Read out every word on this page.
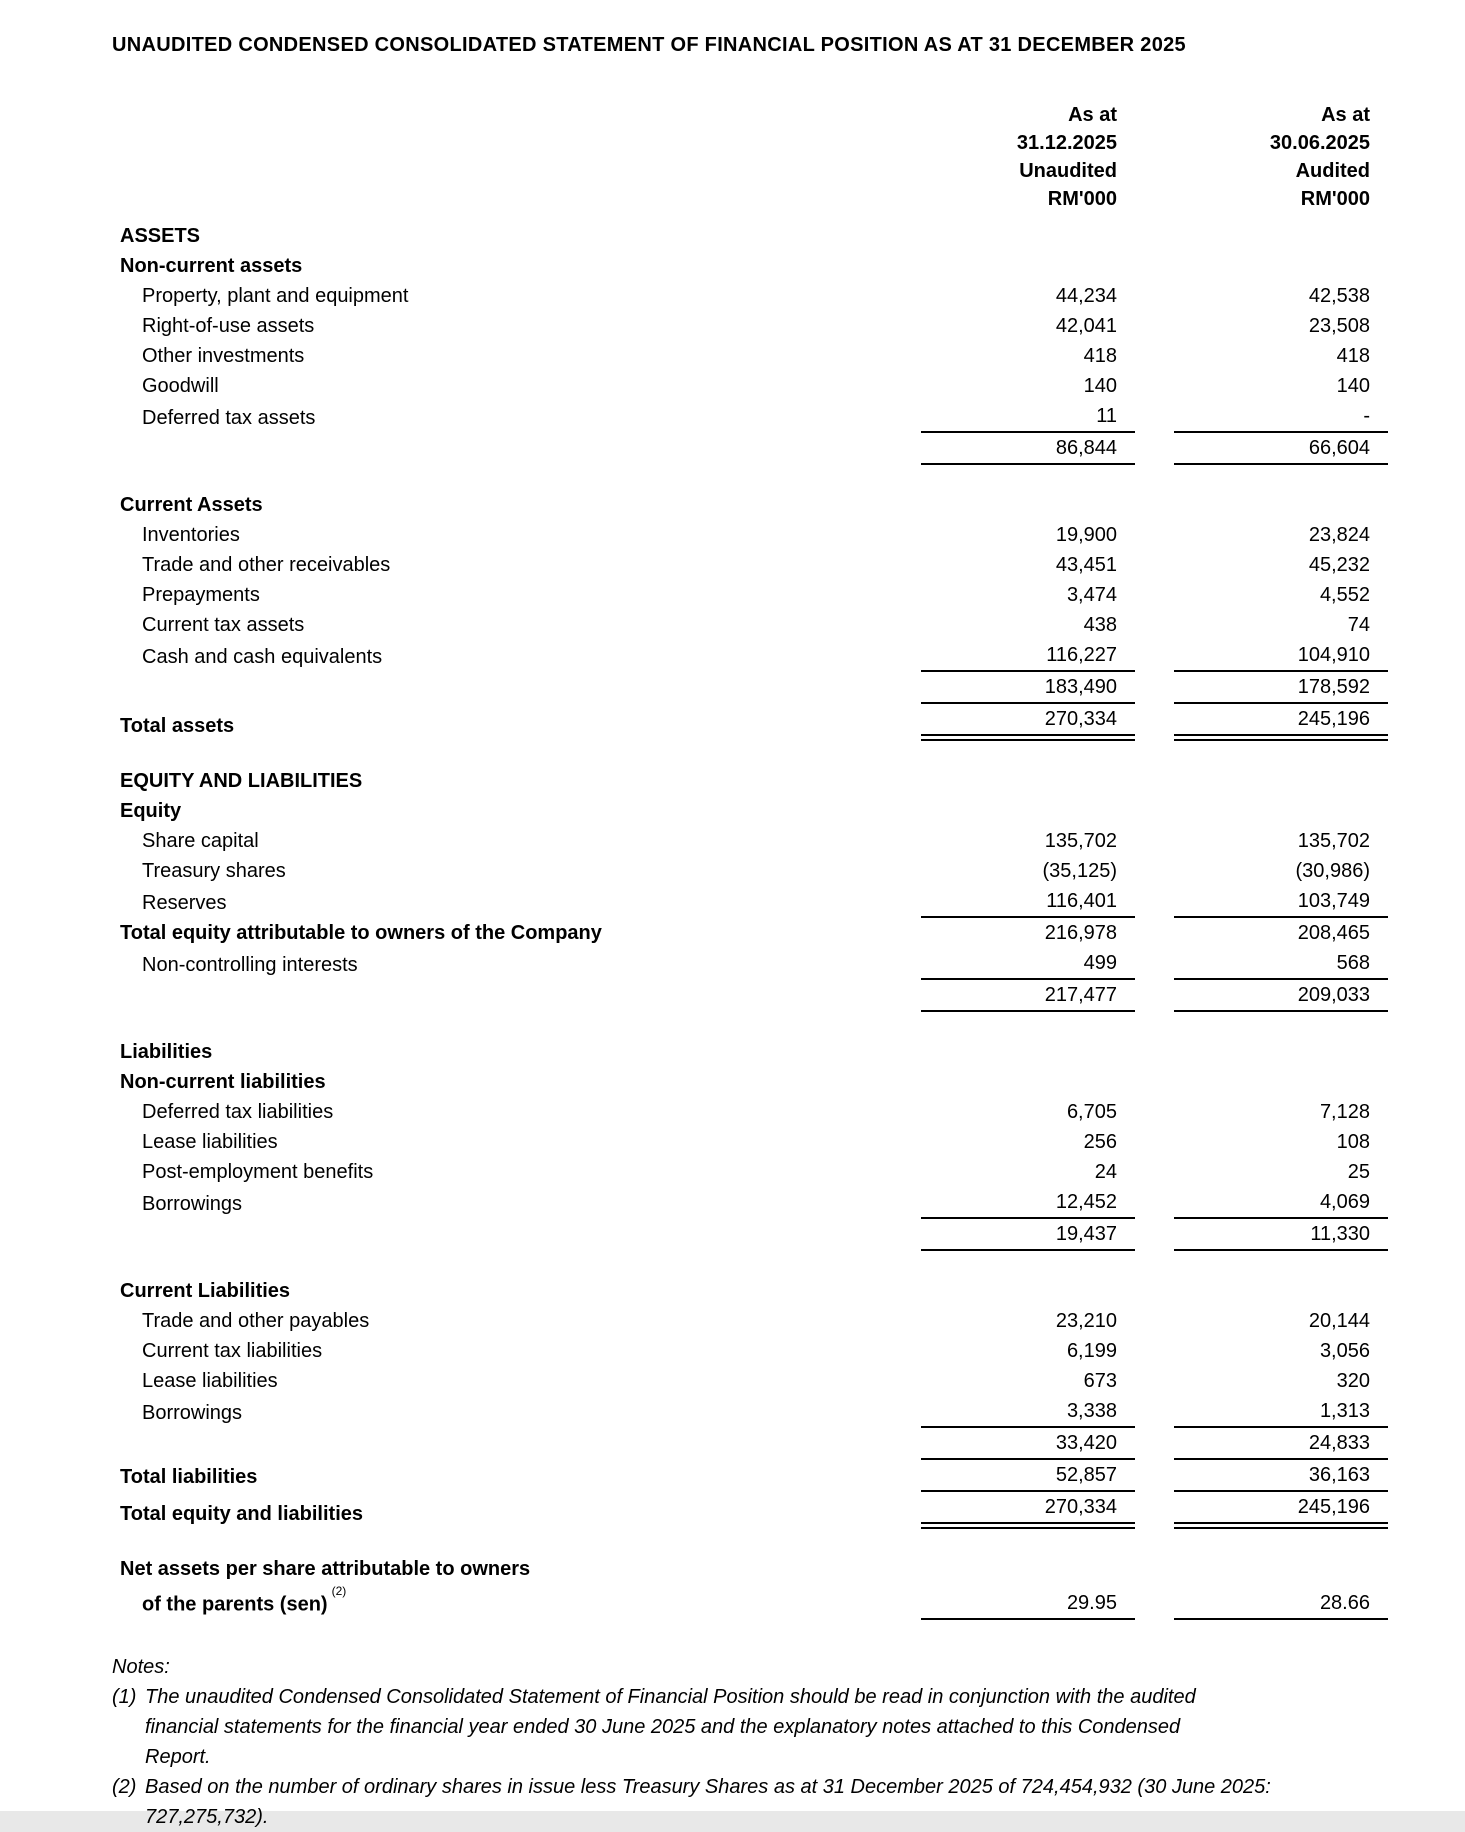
UNAUDITED CONDENSED CONSOLIDATED STATEMENT OF FINANCIAL POSITION AS AT 31 DECEMBER 2025
As at
31.12.2025
Unaudited
RM'000
As at
30.06.2025
Audited
RM'000
ASSETS
Non-current assets
Property, plant and equipment	44,234	42,538
Right-of-use assets	42,041	23,508
Other investments	418	418
Goodwill	140	140
Deferred tax assets	11	-
86,844	66,604
Current Assets
Inventories	19,900	23,824
Trade and other receivables	43,451	45,232
Prepayments	3,474	4,552
Current tax assets	438	74
Cash and cash equivalents	116,227	104,910
183,490	178,592
Total assets	270,334	245,196
EQUITY AND LIABILITIES
Equity
Share capital	135,702	135,702
Treasury shares	(35,125)	(30,986)
Reserves	116,401	103,749
Total equity attributable to owners of the Company	216,978	208,465
Non-controlling interests	499	568
217,477	209,033
Liabilities
Non-current liabilities
Deferred tax liabilities	6,705	7,128
Lease liabilities	256	108
Post-employment benefits	24	25
Borrowings	12,452	4,069
19,437	11,330
Current Liabilities
Trade and other payables	23,210	20,144
Current tax liabilities	6,199	3,056
Lease liabilities	673	320
Borrowings	3,338	1,313
33,420	24,833
Total liabilities	52,857	36,163
Total equity and liabilities	270,334	245,196
Net assets per share attributable to owners
of the parents (sen)$^{(2)}$
29.95	28.66
Notes:
(1) The unaudited Condensed Consolidated Statement of Financial Position should be read in conjunction with the audited
financial statements for the financial year ended 30 June 2025 and the explanatory notes attached to this Condensed
Report.
(2) Based on the number of ordinary shares in issue less Treasury Shares as at 31 December 2025 of 724,454,932 (30 June 2025:
727,275,732).
